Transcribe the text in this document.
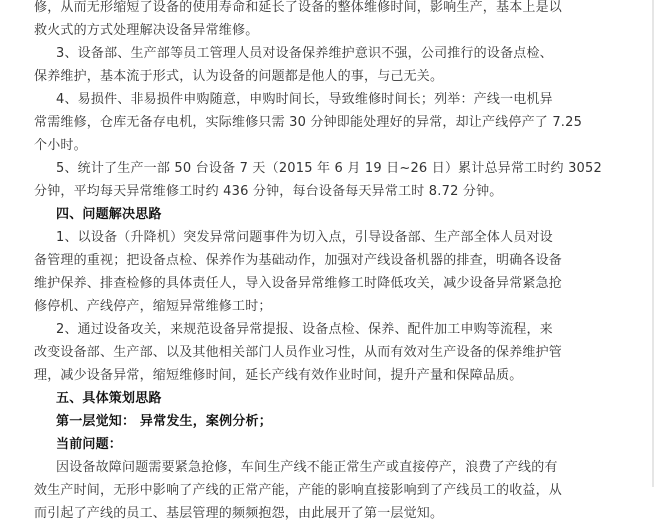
修，从而无形缩短了设备的使用寿命和延长了设备的整体维修时间，影响生产，基本上是以
救火式的方式处理解决设备异常维修。
3、设备部、生产部等员工管理人员对设备保养维护意识不强，公司推行的设备点检、
保养维护，基本流于形式，认为设备的问题都是他人的事，与己无关。
4、易损件、非易损件申购随意，申购时间长，导致维修时间长；列举：产线一电机异
常需维修，仓库无备存电机，实际维修只需 30 分钟即能处理好的异常，却让产线停产了 7.25
个小时。
5、统计了生产一部 50 台设备 7 天（2015 年 6 月 19 日~26 日）累计总异常工时约 3052
分钟，平均每天异常维修工时约 436 分钟，每台设备每天异常工时 8.72 分钟。
四、问题解决思路
1、以设备（升降机）突发异常问题事件为切入点，引导设备部、生产部全体人员对设
备管理的重视；把设备点检、保养作为基础动作，加强对产线设备机器的排查，明确各设备
维护保养、排查检修的具体责任人，导入设备异常维修工时降低攻关，减少设备异常紧急抢
修停机、产线停产，缩短异常维修工时；
2、通过设备攻关，来规范设备异常提报、设备点检、保养、配件加工申购等流程，来
改变设备部、生产部、以及其他相关部门人员作业习性，从而有效对生产设备的保养维护管
理，减少设备异常，缩短维修时间，延长产线有效作业时间，提升产量和保障品质。
五、具体策划思路
第一层觉知： 异常发生，案例分析；
当前问题：
因设备故障问题需要紧急抢修，车间生产线不能正常生产或直接停产，浪费了产线的有
效生产时间，无形中影响了产线的正常产能，产能的影响直接影响到了产线员工的收益，从
而引起了产线的员工、基层管理的频频抱怨，由此展开了第一层觉知。
